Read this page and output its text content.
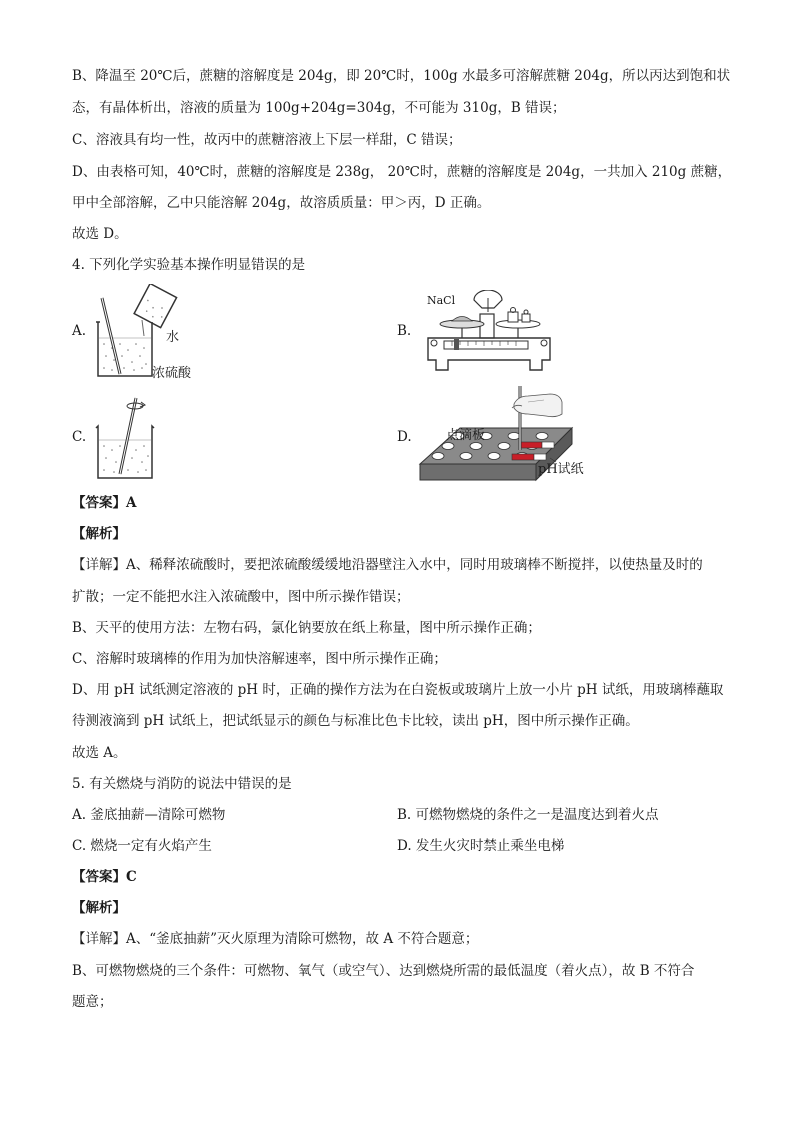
B、降温至 20℃后，蔗糖的溶解度是 204g，即 20℃时，100g 水最多可溶解蔗糖 204g，所以丙达到饱和状
态，有晶体析出，溶液的质量为 100g+204g=304g，不可能为 310g，B 错误；
C、溶液具有均一性，故丙中的蔗糖溶液上下层一样甜，C 错误；
D、由表格可知，40℃时，蔗糖的溶解度是 238g， 20℃时，蔗糖的溶解度是 204g，一共加入 210g 蔗糖，
甲中全部溶解，乙中只能溶解 204g，故溶质质量：甲＞丙，D 正确。
故选 D。
4. 下列化学实验基本操作明显错误的是
A.	水
浓硫酸
B.
NaCl
C.	D.	点滴板
pH试纸
【答案】A
【解析】
【详解】A、稀释浓硫酸时，要把浓硫酸缓缓地沿器壁注入水中，同时用玻璃棒不断搅拌，以使热量及时的
扩散；一定不能把水注入浓硫酸中，图中所示操作错误；
B、天平的使用方法：左物右码，氯化钠要放在纸上称量，图中所示操作正确；
C、溶解时玻璃棒的作用为加快溶解速率，图中所示操作正确；
D、用 pH 试纸测定溶液的 pH 时，正确的操作方法为在白瓷板或玻璃片上放一小片 pH 试纸，用玻璃棒蘸取
待测液滴到 pH 试纸上，把试纸显示的颜色与标准比色卡比较，读出 pH，图中所示操作正确。
故选 A。
5. 有关燃烧与消防的说法中错误的是
A. 釜底抽薪—清除可燃物	B. 可燃物燃烧的条件之一是温度达到着火点
C. 燃烧一定有火焰产生	D. 发生火灾时禁止乘坐电梯
【答案】C
【解析】
【详解】A、“釜底抽薪”灭火原理为清除可燃物，故 A 不符合题意；
B、可燃物燃烧的三个条件：可燃物、氧气（或空气）、达到燃烧所需的最低温度（着火点），故 B 不符合
题意；
